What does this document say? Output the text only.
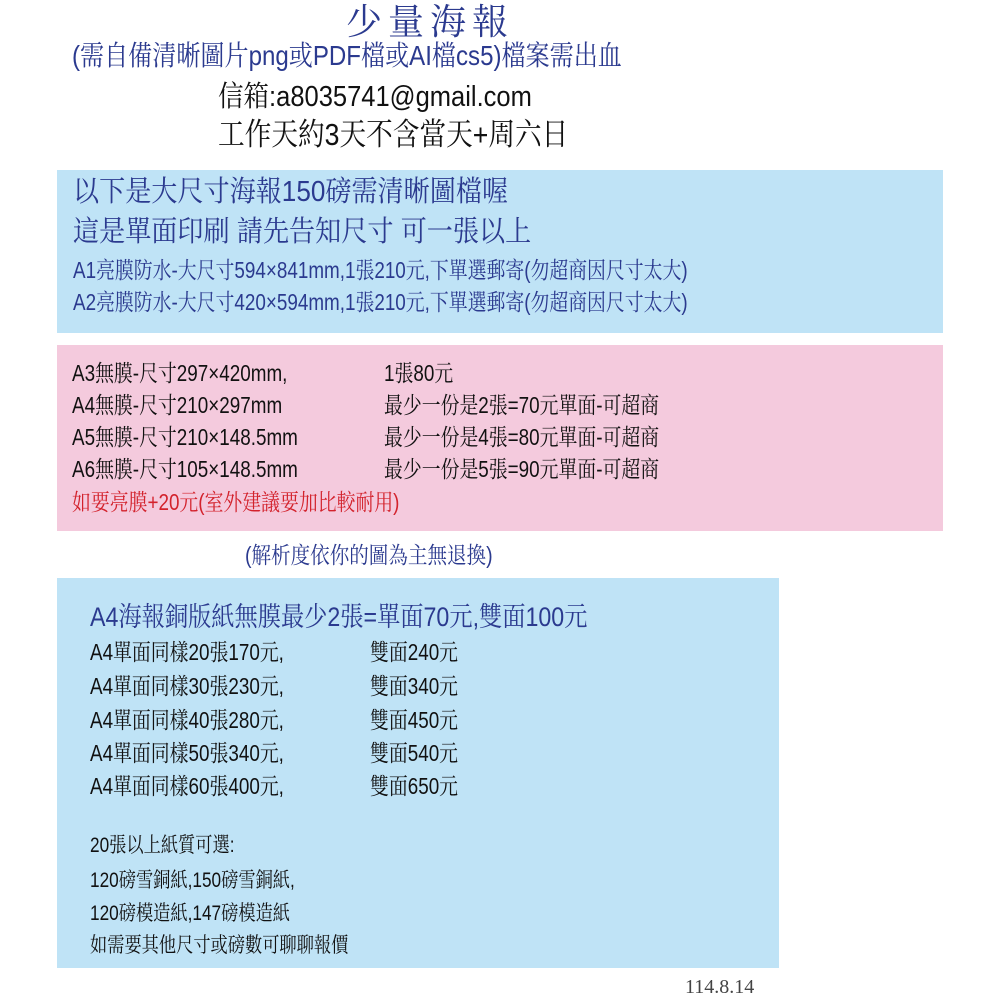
少量海報
(需自備清晰圖片png或PDF檔或AI檔cs5)檔案需出血
信箱:a8035741@gmail.com
工作天約3天不含當天+周六日
以下是大尺寸海報150磅需清晰圖檔喔
這是單面印刷 請先告知尺寸 可一張以上
A1亮膜防水-大尺寸594×841mm,1張210元,下單選郵寄(勿超商因尺寸太大)
A2亮膜防水-大尺寸420×594mm,1張210元,下單選郵寄(勿超商因尺寸太大)
A3無膜-尺寸297×420mm,	1張80元
A4無膜-尺寸210×297mm	最少一份是2張=70元單面-可超商
A5無膜-尺寸210×148.5mm	最少一份是4張=80元單面-可超商
A6無膜-尺寸105×148.5mm	最少一份是5張=90元單面-可超商
如要亮膜+20元(室外建議要加比較耐用)
(解析度依你的圖為主無退換)
A4海報銅版紙無膜最少2張=單面70元,雙面100元
A4單面同樣20張170元,	雙面240元
A4單面同樣30張230元,	雙面340元
A4單面同樣40張280元,	雙面450元
A4單面同樣50張340元,	雙面540元
A4單面同樣60張400元,	雙面650元
20張以上紙質可選:
120磅雪銅紙,150磅雪銅紙,
120磅模造紙,147磅模造紙
如需要其他尺寸或磅數可聊聊報價
114.8.14
